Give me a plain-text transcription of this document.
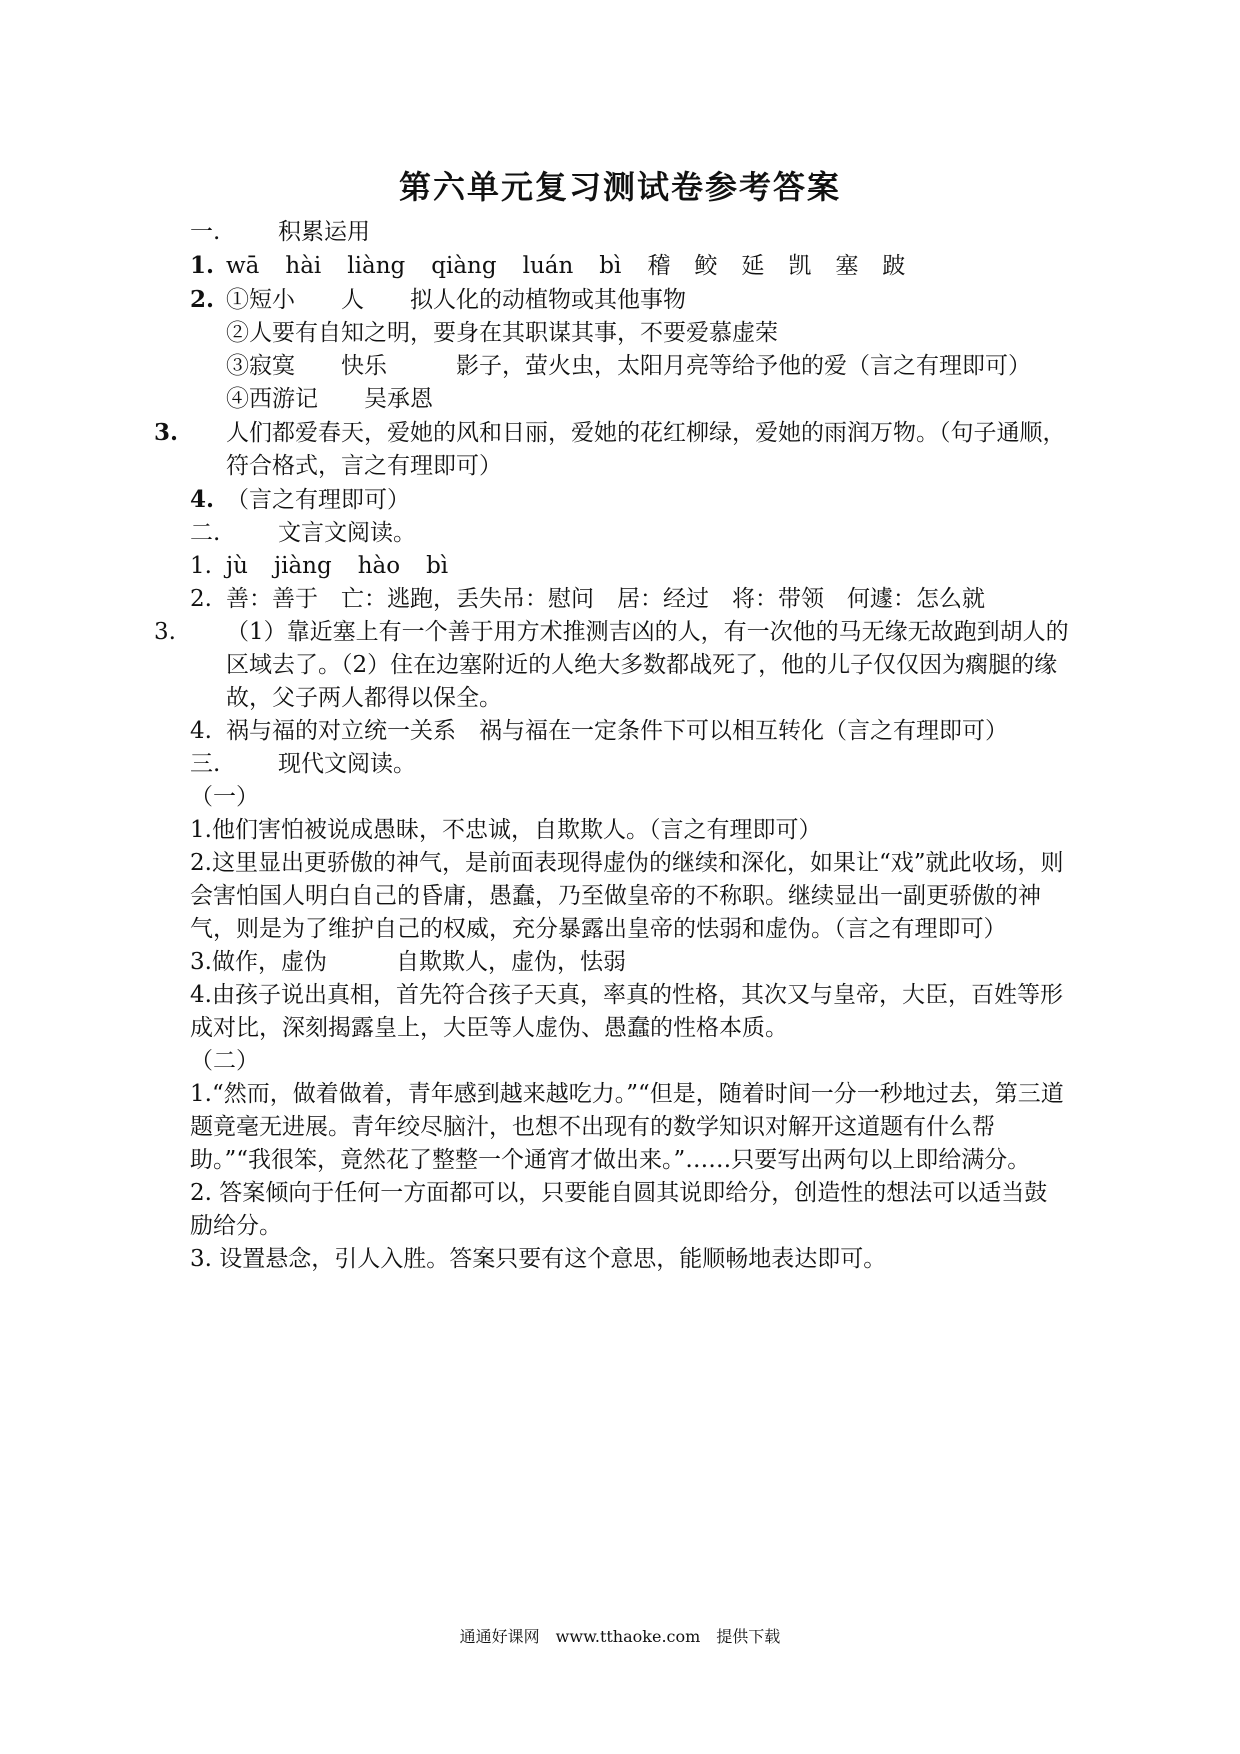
第六单元复习测试卷参考答案
一.	积累运用
1. wā hài liàng qiàng luán bì 稽 鲛 延 凯 塞 跛
2. ①短小　　人　　拟人化的动植物或其他事物
②人要有自知之明，要身在其职谋其事，不要爱慕虚荣
③寂寞　　快乐　　　影子，萤火虫，太阳月亮等给予他的爱（言之有理即可）
④西游记　　吴承恩
3. 人们都爱春天，爱她的风和日丽，爱她的花红柳绿，爱她的雨润万物。（句子通顺，符合格式，言之有理即可）
4. （言之有理即可）
二.	文言文阅读。
1. jù jiàng hào bì
2. 善：善于　亡：逃跑，丢失吊：慰问　居：经过　将：带领　何遽：怎么就
3. （1）靠近塞上有一个善于用方术推测吉凶的人，有一次他的马无缘无故跑到胡人的区域去了。（2）住在边塞附近的人绝大多数都战死了，他的儿子仅仅因为瘸腿的缘故，父子两人都得以保全。
4. 祸与福的对立统一关系　祸与福在一定条件下可以相互转化（言之有理即可）
三.	现代文阅读。
（一）
1.他们害怕被说成愚昧，不忠诚，自欺欺人。（言之有理即可）
2.这里显出更骄傲的神气，是前面表现得虚伪的继续和深化，如果让“戏”就此收场，则会害怕国人明白自己的昏庸，愚蠢，乃至做皇帝的不称职。继续显出一副更骄傲的神气，则是为了维护自己的权威，充分暴露出皇帝的怯弱和虚伪。（言之有理即可）
3.做作，虚伪　　　自欺欺人，虚伪，怯弱
4.由孩子说出真相，首先符合孩子天真，率真的性格，其次又与皇帝，大臣，百姓等形成对比，深刻揭露皇上，大臣等人虚伪、愚蠢的性格本质。
（二）
1.“然而，做着做着，青年感到越来越吃力。”“但是，随着时间一分一秒地过去，第三道题竟毫无进展。青年绞尽脑汁，也想不出现有的数学知识对解开这道题有什么帮助。”“我很笨，竟然花了整整一个通宵才做出来。”……只要写出两句以上即给满分。
2. 答案倾向于任何一方面都可以，只要能自圆其说即给分，创造性的想法可以适当鼓励给分。
3. 设置悬念，引人入胜。答案只要有这个意思，能顺畅地表达即可。
通通好课网　www.tthaoke.com　提供下载
